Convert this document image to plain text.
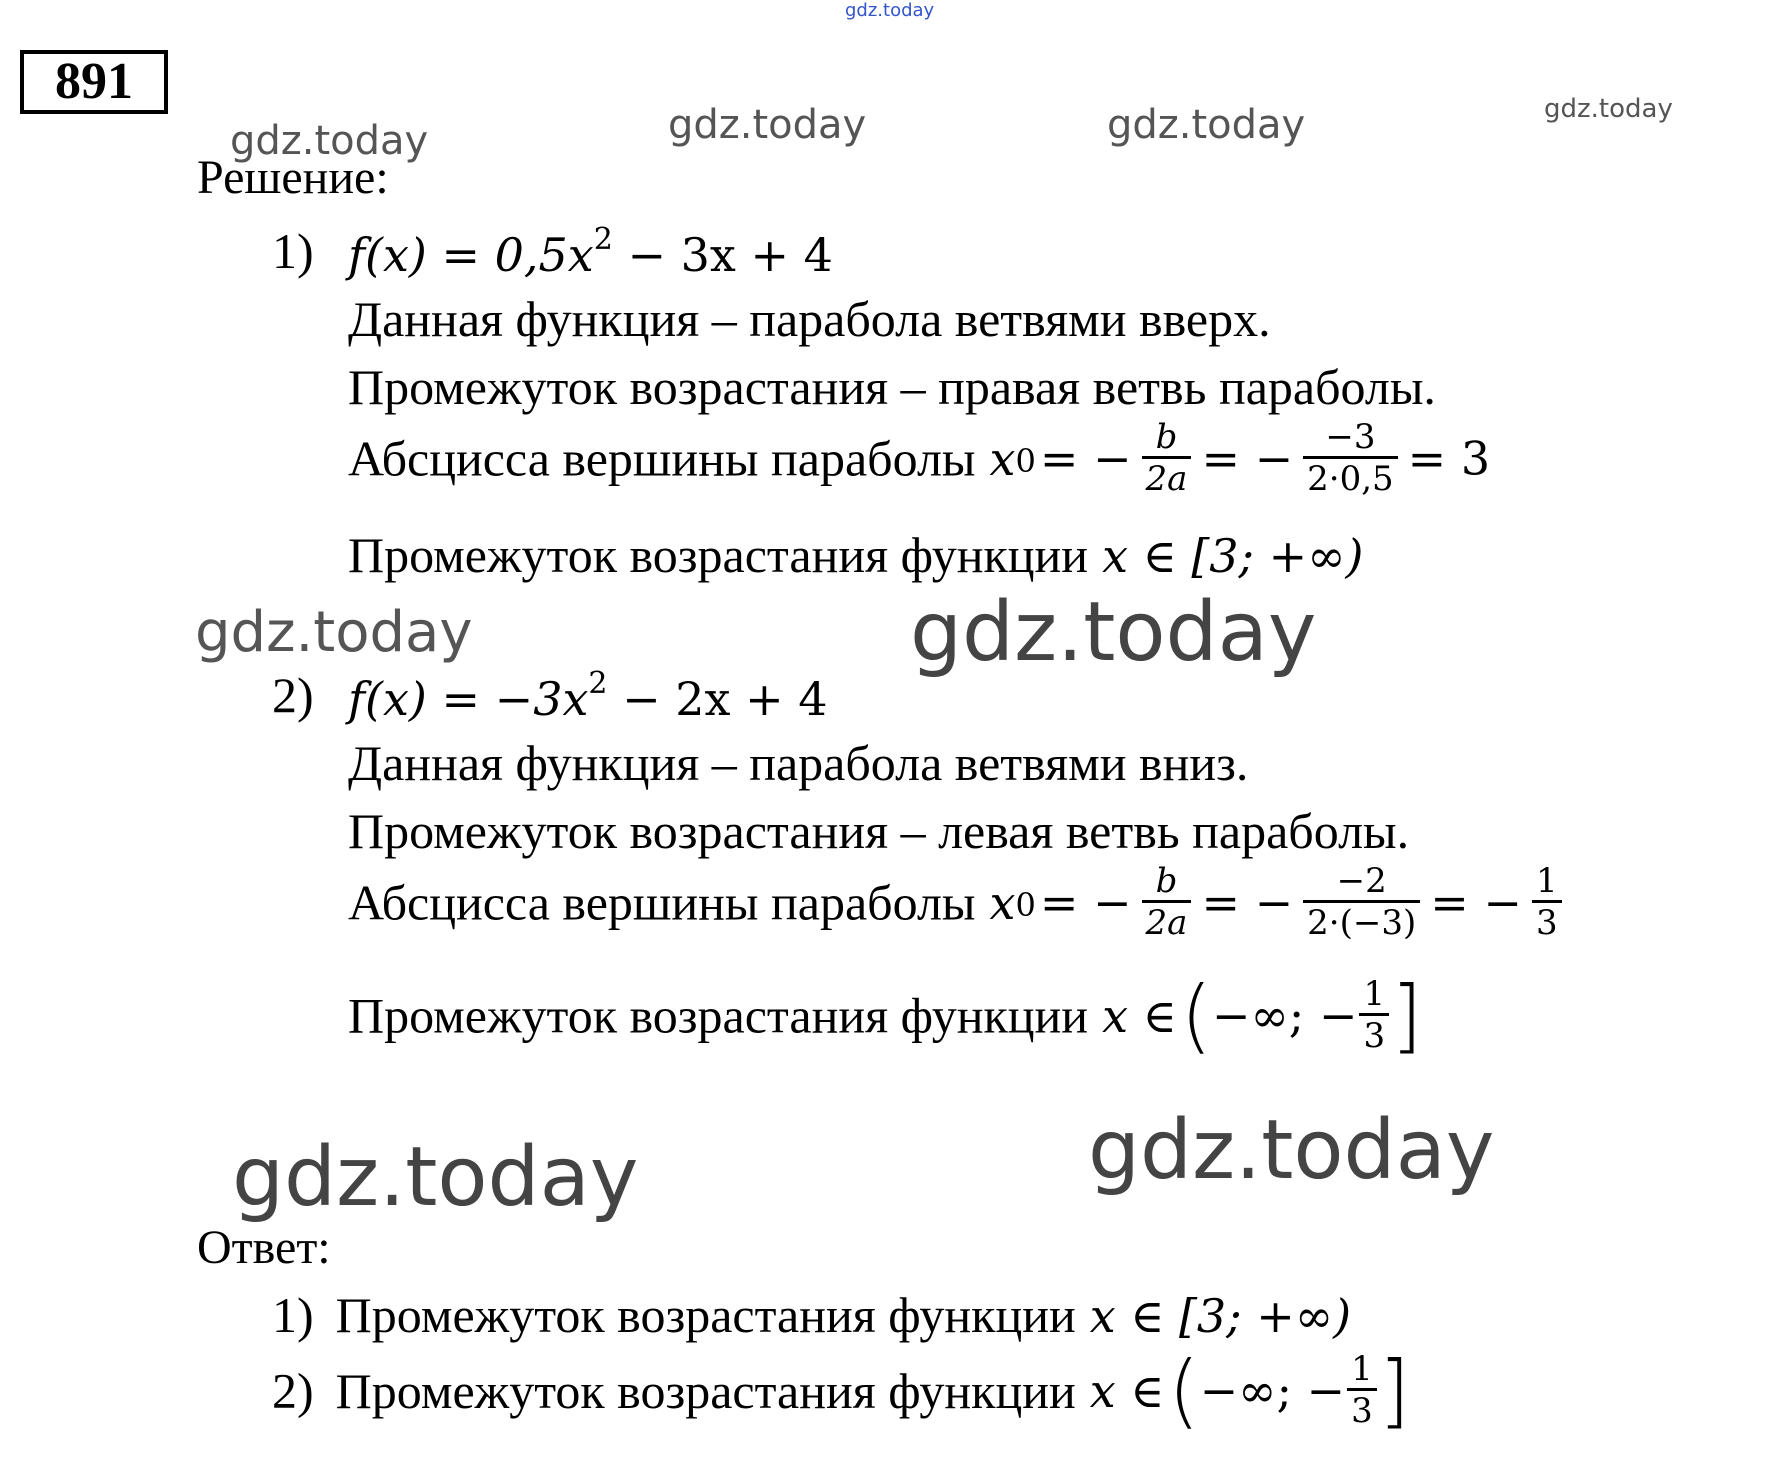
891
gdz.today
gdz.today	gdz.today	gdz.today	gdz.today
gdz.today	gdz.today
gdz.today	gdz.today
Решение:
1) $f(x) = 0,5x^2 - 3x + 4$
Данная функция – парабола ветвями вверх.
Промежуток возрастания – правая ветвь параболы.
Абсцисса вершины параболы x0 = − $\frac{b}{2a}$ = − $\frac{-3}{2\cdot 0,5} = 3$
Промежуток возрастания функции x ∈ [3; +∞)
2) $f(x) = -3x^2 - 2x + 4$
Данная функция – парабола ветвями вниз.
Промежуток возрастания – левая ветвь параболы.
Абсцисса вершины параболы x0 = − $\frac{b}{2a}$ = − $\frac{-2}{2\cdot(-3)}$ = − $\frac{1}{3}$
Промежуток возрастания функции x ∈ (−∞; − $\frac{1}{3}$ ]
Ответ:
1) Промежуток возрастания функции x ∈ [3; +∞)
2) Промежуток возрастания функции x ∈ (−∞; − $\frac{1}{3}$ ]
